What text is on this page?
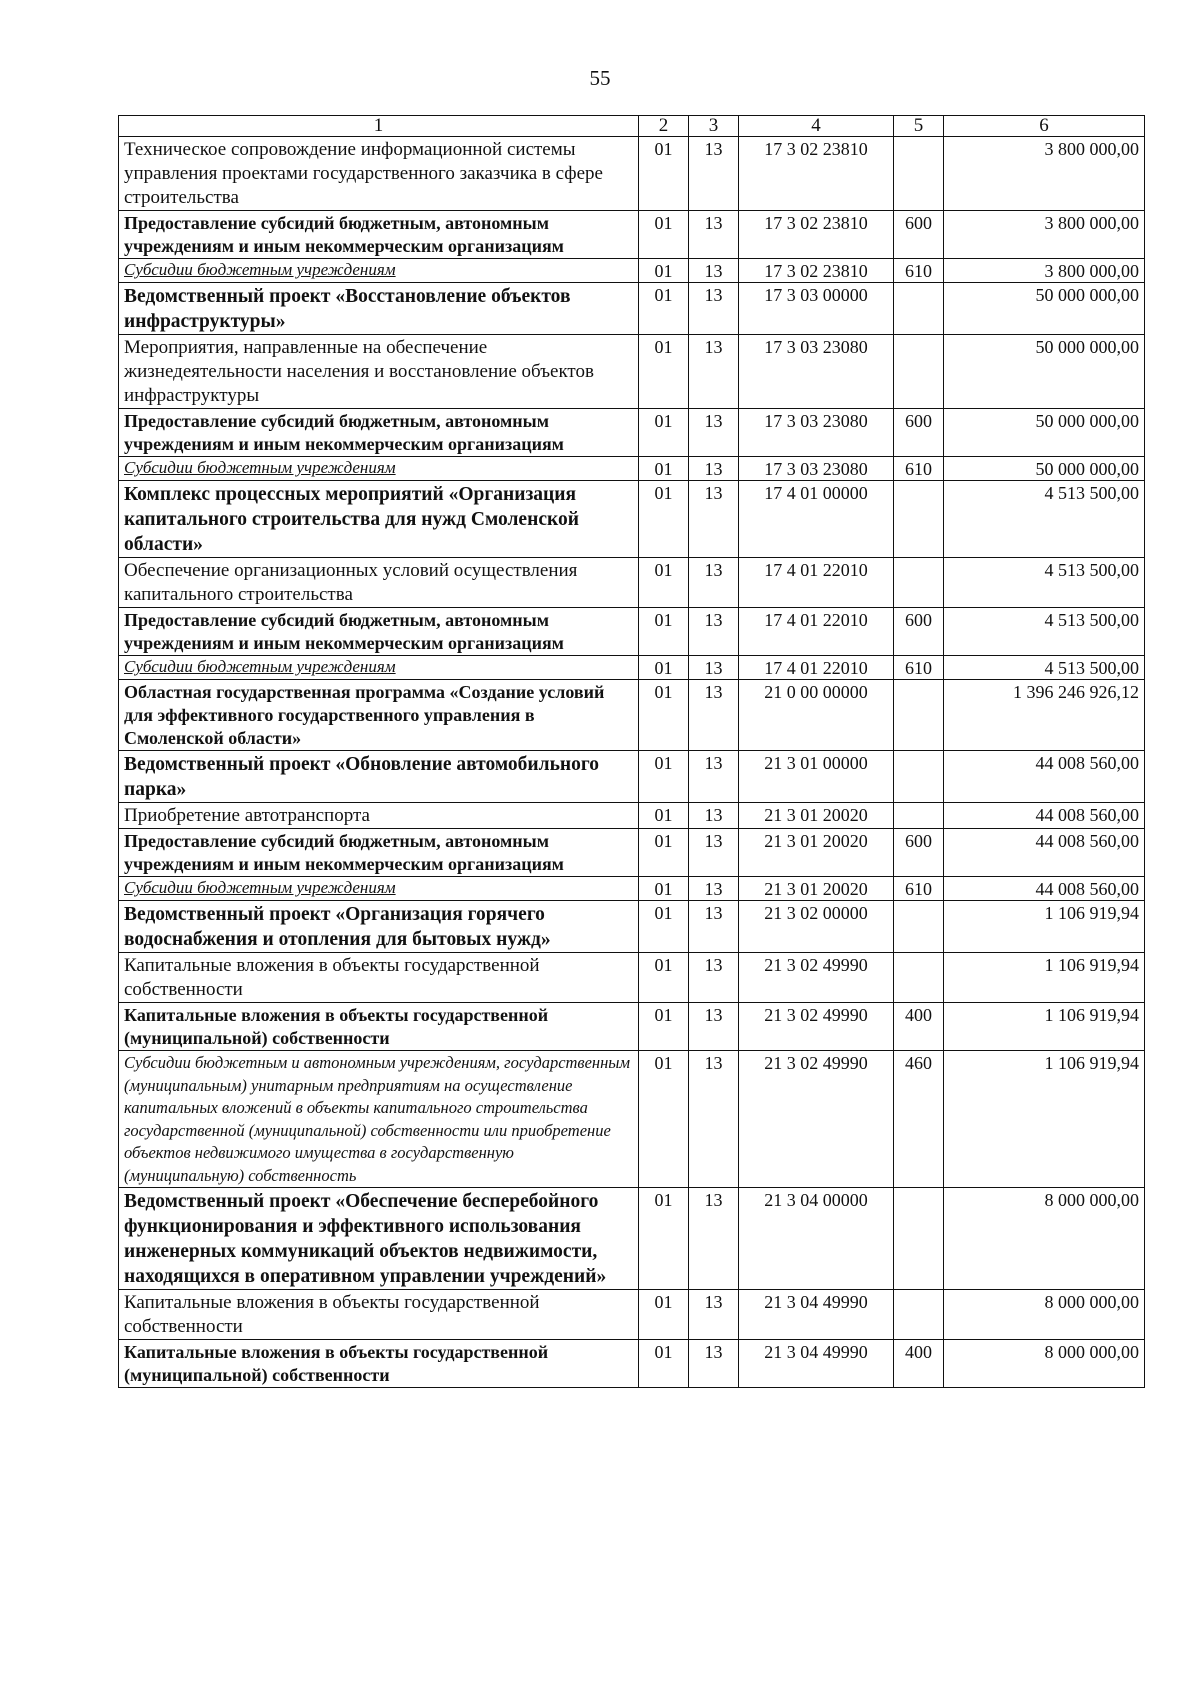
55
1	2	3	4	5	6
Техническое сопровождение информационной системы управления проектами государственного заказчика в сфере строительства	01	13	17 3 02 23810		3 800 000,00
Предоставление субсидий бюджетным, автономным учреждениям и иным некоммерческим организациям	01	13	17 3 02 23810	600	3 800 000,00
Субсидии бюджетным учреждениям	01	13	17 3 02 23810	610	3 800 000,00
Ведомственный проект «Восстановление объектов инфраструктуры»	01	13	17 3 03 00000		50 000 000,00
Мероприятия, направленные на обеспечение жизнедеятельности населения и восстановление объектов инфраструктуры	01	13	17 3 03 23080		50 000 000,00
Предоставление субсидий бюджетным, автономным учреждениям и иным некоммерческим организациям	01	13	17 3 03 23080	600	50 000 000,00
Субсидии бюджетным учреждениям	01	13	17 3 03 23080	610	50 000 000,00
Комплекс процессных мероприятий «Организация капитального строительства для нужд Смоленской области»	01	13	17 4 01 00000		4 513 500,00
Обеспечение организационных условий осуществления капитального строительства	01	13	17 4 01 22010		4 513 500,00
Предоставление субсидий бюджетным, автономным учреждениям и иным некоммерческим организациям	01	13	17 4 01 22010	600	4 513 500,00
Субсидии бюджетным учреждениям	01	13	17 4 01 22010	610	4 513 500,00
Областная государственная программа «Создание условий для эффективного государственного управления в Смоленской области»	01	13	21 0 00 00000		1 396 246 926,12
Ведомственный проект «Обновление автомобильного парка»	01	13	21 3 01 00000		44 008 560,00
Приобретение автотранспорта	01	13	21 3 01 20020		44 008 560,00
Предоставление субсидий бюджетным, автономным учреждениям и иным некоммерческим организациям	01	13	21 3 01 20020	600	44 008 560,00
Субсидии бюджетным учреждениям	01	13	21 3 01 20020	610	44 008 560,00
Ведомственный проект «Организация горячего водоснабжения и отопления для бытовых нужд»	01	13	21 3 02 00000		1 106 919,94
Капитальные вложения в объекты государственной собственности	01	13	21 3 02 49990		1 106 919,94
Капитальные вложения в объекты государственной (муниципальной) собственности	01	13	21 3 02 49990	400	1 106 919,94
Субсидии бюджетным и автономным учреждениям, государственным (муниципальным) унитарным предприятиям на осуществление капитальных вложений в объекты капитального строительства государственной (муниципальной) собственности или приобретение объектов недвижимого имущества в государственную (муниципальную) собственность	01	13	21 3 02 49990	460	1 106 919,94
Ведомственный проект «Обеспечение бесперебойного функционирования и эффективного использования инженерных коммуникаций объектов недвижимости, находящихся в оперативном управлении учреждений»	01	13	21 3 04 00000		8 000 000,00
Капитальные вложения в объекты государственной собственности	01	13	21 3 04 49990		8 000 000,00
Капитальные вложения в объекты государственной (муниципальной) собственности	01	13	21 3 04 49990	400	8 000 000,00
